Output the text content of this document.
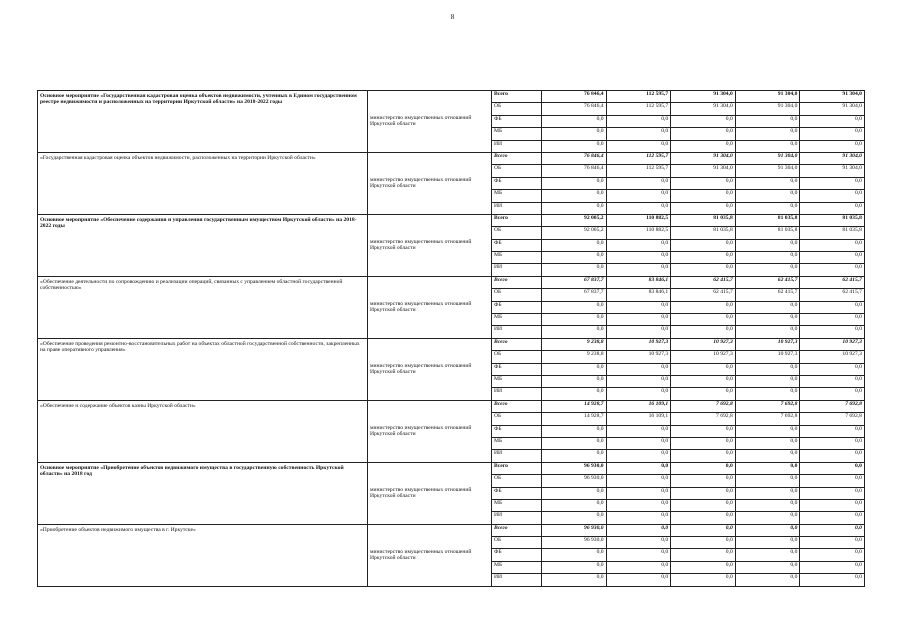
8
Основное мероприятие «Государственная кадастровая оценка объектов недвижимости, учтенных в Едином государственном реестре недвижимости и расположенных на территории Иркутской области» на 2018-2022 годы	министерство имущественных отношений Иркутской области	Всего	76 846,4	112 595,7	91 304,0	91 304,0	91 304,0
		ОБ	76 846,4	112 595,7	91 304,0	91 304,0	91 304,0
		ФБ	0,0	0,0	0,0	0,0	0,0
		МБ	0,0	0,0	0,0	0,0	0,0
		ИИ	0,0	0,0	0,0	0,0	0,0
«Государственная кадастровая оценка объектов недвижимости, расположенных на территории Иркутской области»	министерство имущественных отношений Иркутской области	Всего	76 846,4	112 595,7	91 304,0	91 304,0	91 304,0
		ОБ	76 846,4	112 595,7	91 304,0	91 304,0	91 304,0
		ФБ	0,0	0,0	0,0	0,0	0,0
		МБ	0,0	0,0	0,0	0,0	0,0
		ИИ	0,0	0,0	0,0	0,0	0,0
Основное мероприятие «Обеспечение содержания и управления государственным имуществом Иркутской области» на 2018-2022 годы	министерство имущественных отношений Иркутской области	Всего	92 005,2	110 882,5	81 035,8	81 035,8	81 035,8
		ОБ	92 005,2	110 882,5	81 035,8	81 035,8	81 035,8
		ФБ	0,0	0,0	0,0	0,0	0,0
		МБ	0,0	0,0	0,0	0,0	0,0
		ИИ	0,0	0,0	0,0	0,0	0,0
«Обеспечение деятельности по сопровождению и реализации операций, связанных с управлением областной государственной собственностью»	министерство имущественных отношений Иркутской области	Всего	67 837,7	83 846,1	62 415,7	62 415,7	62 415,7
		ОБ	67 837,7	83 846,1	62 415,7	62 415,7	62 415,7
		ФБ	0,0	0,0	0,0	0,0	0,0
		МБ	0,0	0,0	0,0	0,0	0,0
		ИИ	0,0	0,0	0,0	0,0	0,0
«Обеспечение проведения ремонтно-восстановительных работ на объектах областной государственной собственности, закрепленных на праве оперативного управления»	министерство имущественных отношений Иркутской области	Всего	9 238,8	10 927,3	10 927,3	10 927,3	10 927,3
		ОБ	9 238,8	10 927,3	10 927,3	10 927,3	10 927,3
		ФБ	0,0	0,0	0,0	0,0	0,0
		МБ	0,0	0,0	0,0	0,0	0,0
		ИИ	0,0	0,0	0,0	0,0	0,0
«Обеспечение и содержание объектов казны Иркутской области»	министерство имущественных отношений Иркутской области	Всего	14 928,7	16 109,1	7 692,8	7 692,8	7 692,8
		ОБ	14 928,7	16 109,1	7 692,8	7 692,8	7 692,8
		ФБ	0,0	0,0	0,0	0,0	0,0
		МБ	0,0	0,0	0,0	0,0	0,0
		ИИ	0,0	0,0	0,0	0,0	0,0
Основное мероприятие «Приобретение объектов недвижимого имущества в государственную собственность Иркутской области» на 2018 год	министерство имущественных отношений Иркутской области	Всего	96 930,0	0,0	0,0	0,0	0,0
		ОБ	96 930,0	0,0	0,0	0,0	0,0
		ФБ	0,0	0,0	0,0	0,0	0,0
		МБ	0,0	0,0	0,0	0,0	0,0
		ИИ	0,0	0,0	0,0	0,0	0,0
«Приобретение объектов недвижимого имущества в г. Иркутске»	министерство имущественных отношений Иркутской области	Всего	96 930,0	0,0	0,0	0,0	0,0
		ОБ	96 930,0	0,0	0,0	0,0	0,0
		ФБ	0,0	0,0	0,0	0,0	0,0
		МБ	0,0	0,0	0,0	0,0	0,0
		ИИ	0,0	0,0	0,0	0,0	0,0
